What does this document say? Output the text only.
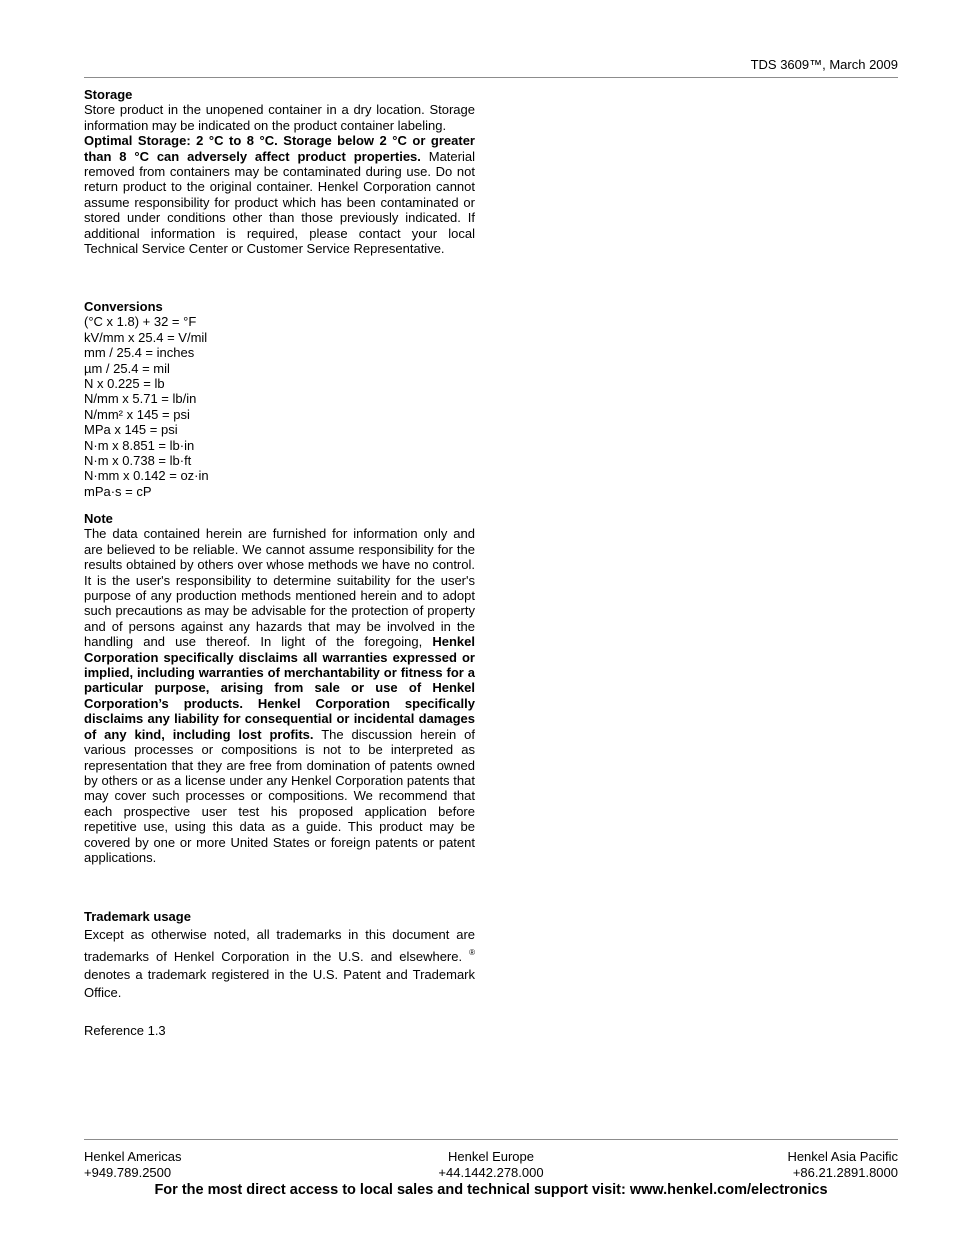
TDS 3609™, March 2009
Storage

Store product in the unopened container in a dry location. Storage information may be indicated on the product container labeling.

Optimal Storage: 2 °C to 8 °C. Storage below 2 °C or greater than 8 °C can adversely affect product properties. Material removed from containers may be contaminated during use. Do not return product to the original container. Henkel Corporation cannot assume responsibility for product which has been contaminated or stored under conditions other than those previously indicated. If additional information is required, please contact your local Technical Service Center or Customer Service Representative.

Conversions
(°C x 1.8) + 32 = °F
kV/mm x 25.4 = V/mil
mm / 25.4 = inches
µm / 25.4 = mil
N x 0.225 = lb
N/mm x 5.71 = lb/in
N/mm² x 145 = psi
MPa x 145 = psi
N·m x 8.851 = lb·in
N·m x 0.738 = lb·ft
N·mm x 0.142 = oz·in
mPa·s = cP
Note

The data contained herein are furnished for information only and are believed to be reliable. We cannot assume responsibility for the results obtained by others over whose methods we have no control. It is the user's responsibility to determine suitability for the user's purpose of any production methods mentioned herein and to adopt such precautions as may be advisable for the protection of property and of persons against any hazards that may be involved in the handling and use thereof. In light of the foregoing, Henkel Corporation specifically disclaims all warranties expressed or implied, including warranties of merchantability or fitness for a particular purpose, arising from sale or use of Henkel Corporation’s products. Henkel Corporation specifically disclaims any liability for consequential or incidental damages of any kind, including lost profits. The discussion herein of various processes or compositions is not to be interpreted as representation that they are free from domination of patents owned by others or as a license under any Henkel Corporation patents that may cover such processes or compositions. We recommend that each prospective user test his proposed application before repetitive use, using this data as a guide. This product may be covered by one or more United States or foreign patents or patent applications.

Trademark usage

Except as otherwise noted, all trademarks in this document are trademarks of Henkel Corporation in the U.S. and elsewhere. ® denotes a trademark registered in the U.S. Patent and Trademark Office.

Reference 1.3
Henkel Americas
+949.789.2500
Henkel Europe
+44.1442.278.000
Henkel Asia Pacific
+86.21.2891.8000
For the most direct access to local sales and technical support visit: www.henkel.com/electronics
